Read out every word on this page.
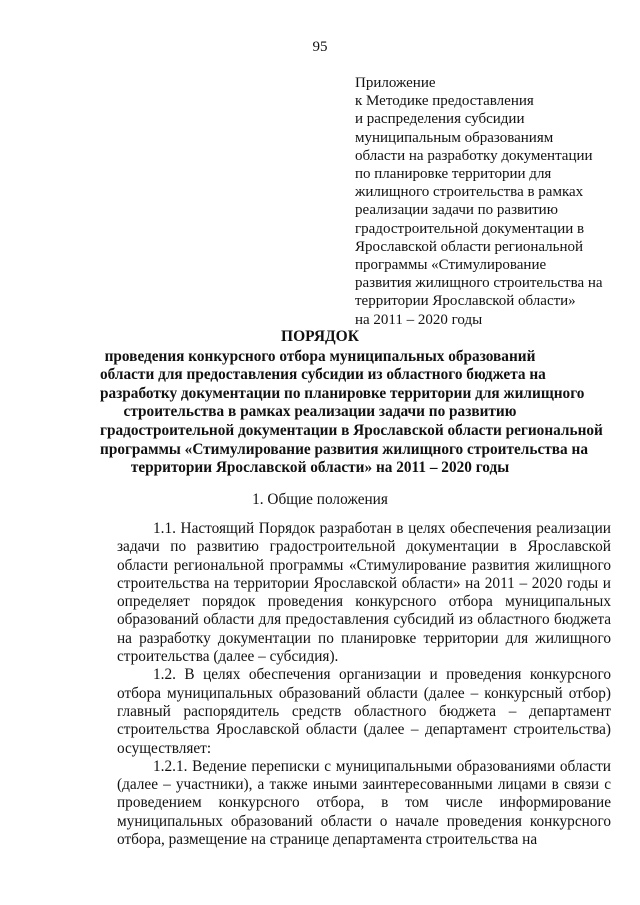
95
Приложение
к Методике предоставления
и распределения субсидии
муниципальным образованиям
области на разработку документации
по планировке территории для
жилищного строительства в рамках
реализации задачи по развитию
градостроительной документации в
Ярославской области региональной
программы «Стимулирование
развития жилищного строительства на
территории Ярославской области»
на 2011 – 2020 годы
ПОРЯДОК
проведения конкурсного отбора муниципальных образований
области для предоставления субсидии из областного бюджета на
разработку документации по планировке территории для жилищного
строительства в рамках реализации задачи по развитию
градостроительной документации в Ярославской области региональной
программы «Стимулирование развития жилищного строительства на
территории Ярославской области» на 2011 – 2020 годы
1. Общие положения

1.1. Настоящий Порядок разработан в целях обеспечения реализации задачи по развитию градостроительной документации в Ярославской области региональной программы «Стимулирование развития жилищного строительства на территории Ярославской области» на 2011 – 2020 годы и определяет порядок проведения конкурсного отбора муниципальных образований области для предоставления субсидий из областного бюджета на разработку документации по планировке территории для жилищного строительства (далее – субсидия).

1.2. В целях обеспечения организации и проведения конкурсного отбора муниципальных образований области (далее – конкурсный отбор) главный распорядитель средств областного бюджета – департамент строительства Ярославской области (далее – департамент строительства) осуществляет:

1.2.1. Ведение переписки с муниципальными образованиями области (далее – участники), а также иными заинтересованными лицами в связи с проведением конкурсного отбора, в том числе информирование муниципальных образований области о начале проведения конкурсного отбора, размещение на странице департамента строительства на
